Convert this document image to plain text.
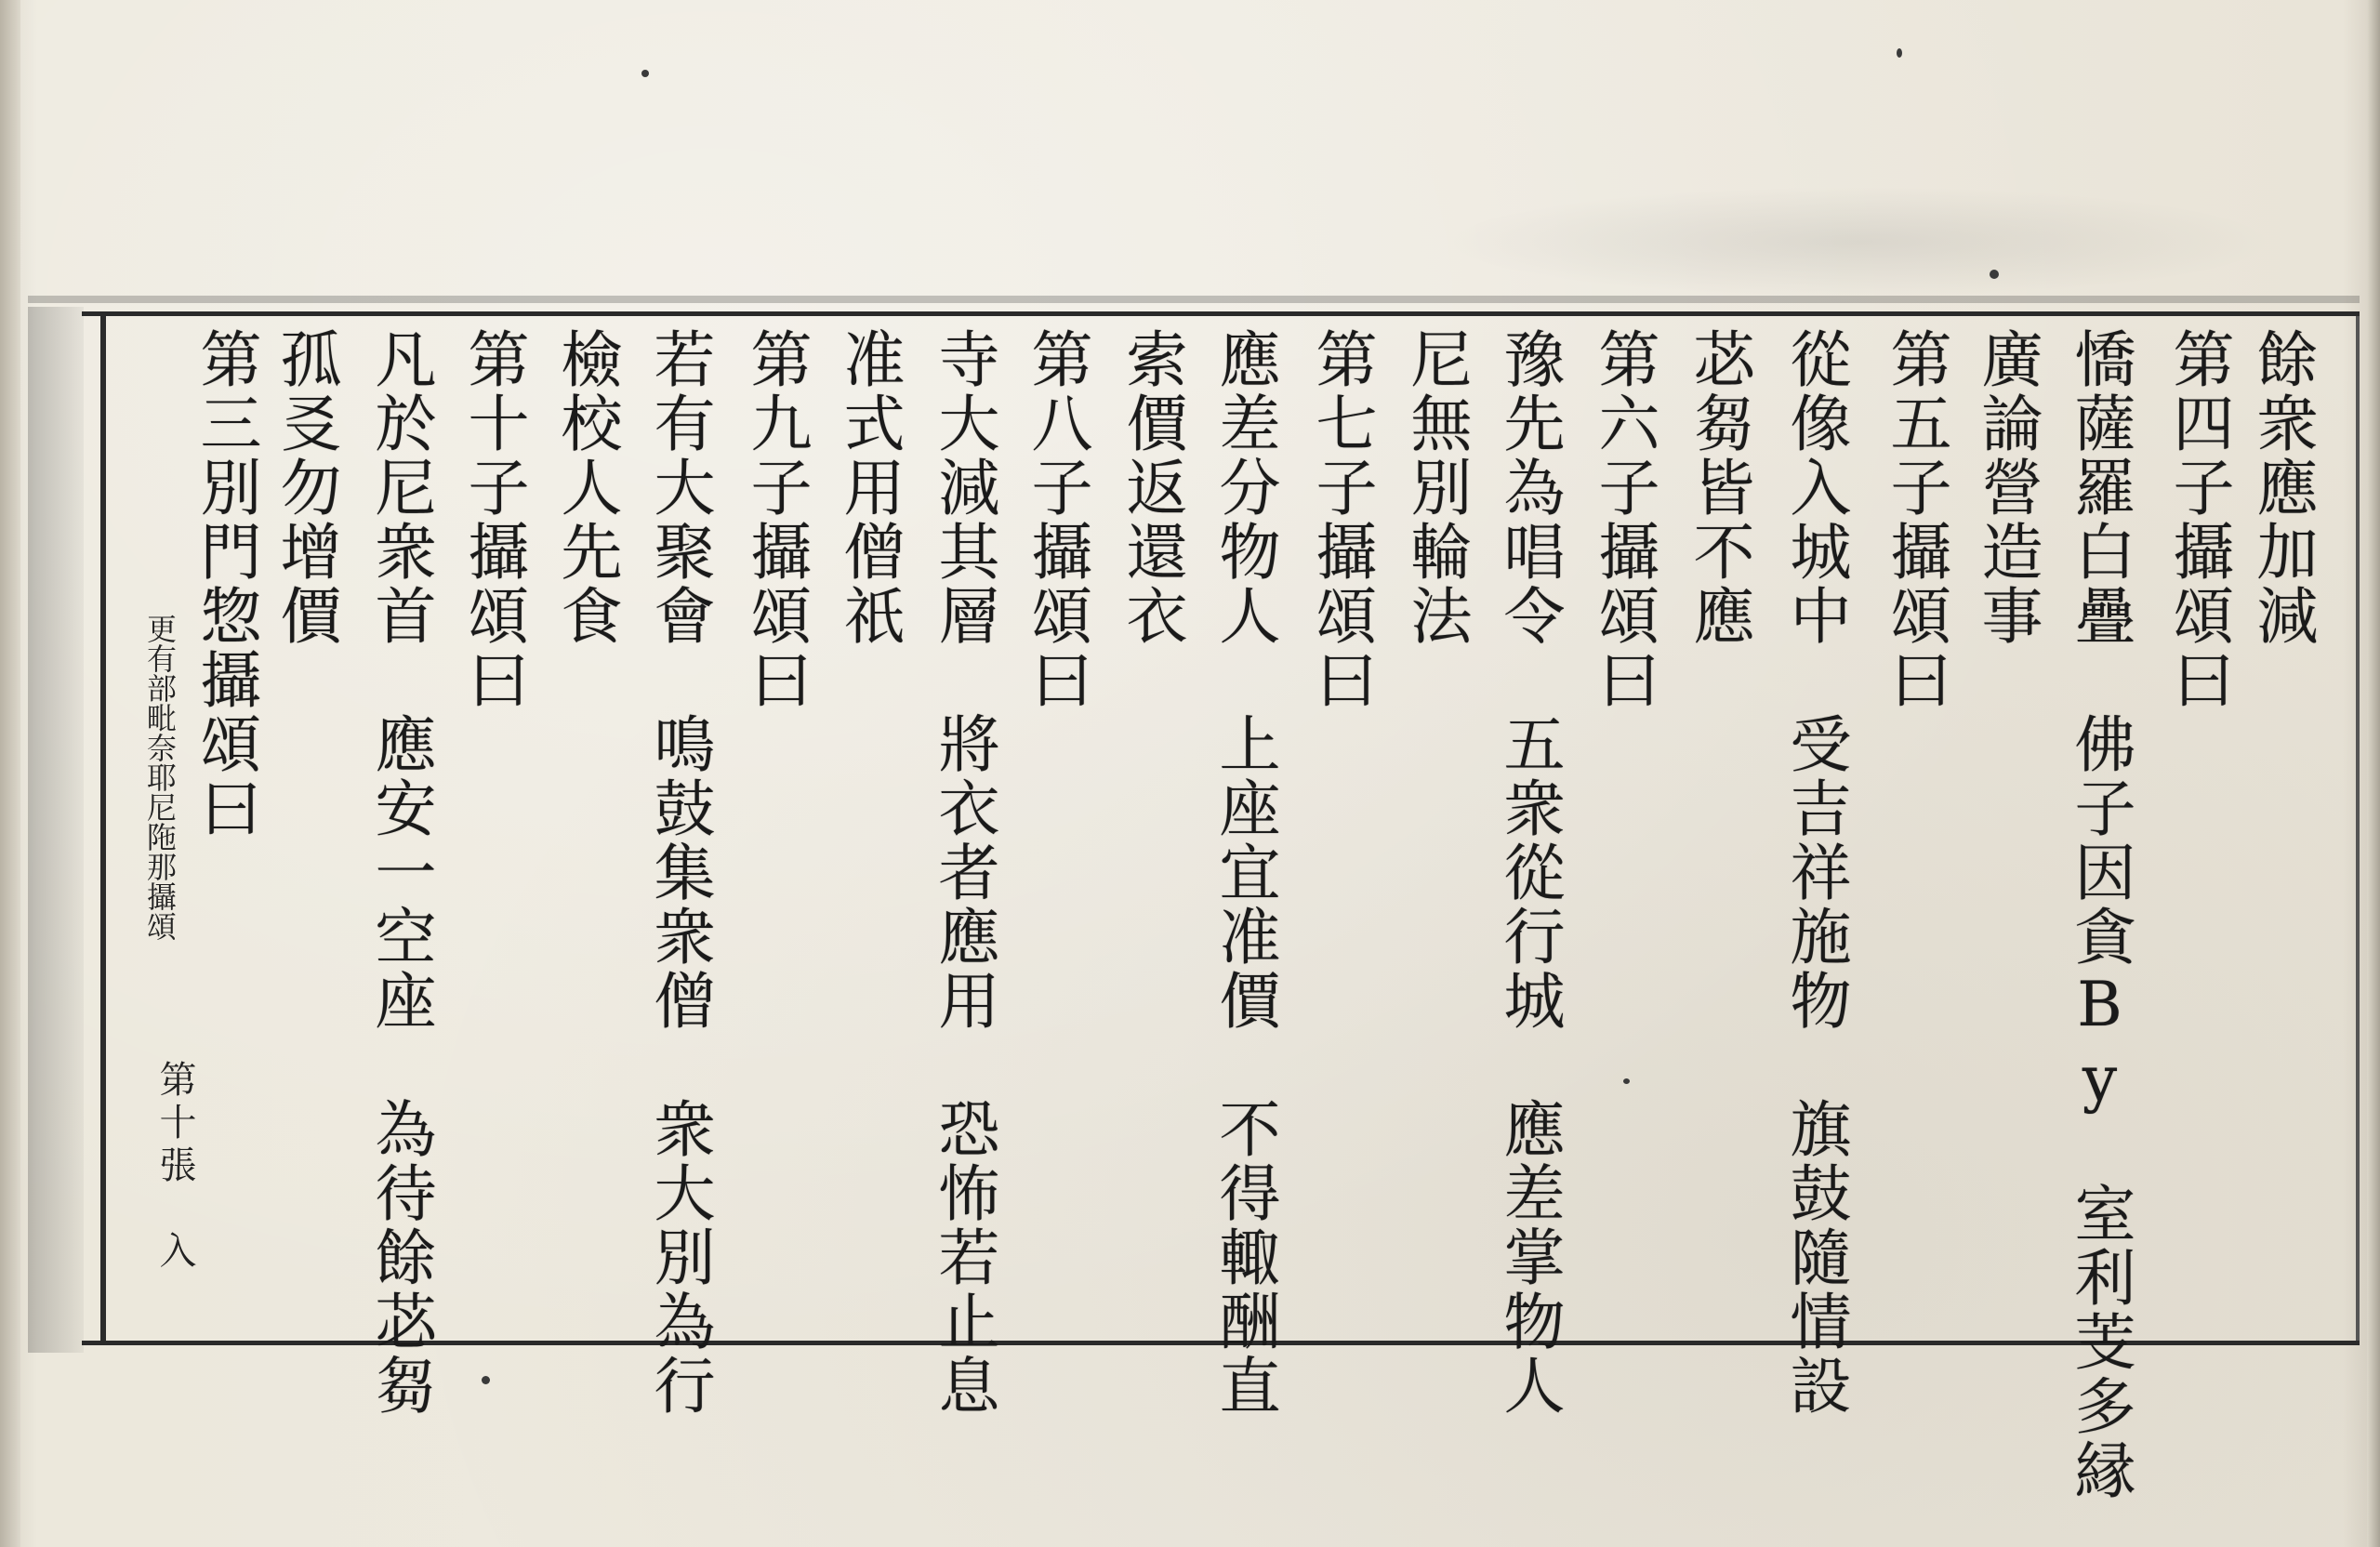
餘衆應加減
第四子攝頌曰
憍薩羅白疊　佛子因貪By　室利芰多縁
廣論營造事
第五子攝頌曰
從像入城中　受吉祥施物　旗鼓隨情設
苾芻皆不應
第六子攝頌曰
豫先為唱令　五衆從行城　應差掌物人
尼無別輪法
第七子攝頌曰
應差分物人　上座宜准價　不得輙酬直
索價返還衣
第八子攝頌曰
寺大減其層　將衣者應用　恐怖若止息
准式用僧祇
第九子攝頌曰
若有大聚會　鳴鼓集衆僧　衆大別為行
檢校人先食
第十子攝頌曰
凡於尼衆首　應安一空座　為待餘苾芻
孤㕛勿增價
第三別門惣攝頌曰
更有部毗奈耶尼陁那攝頌
第十張　入
